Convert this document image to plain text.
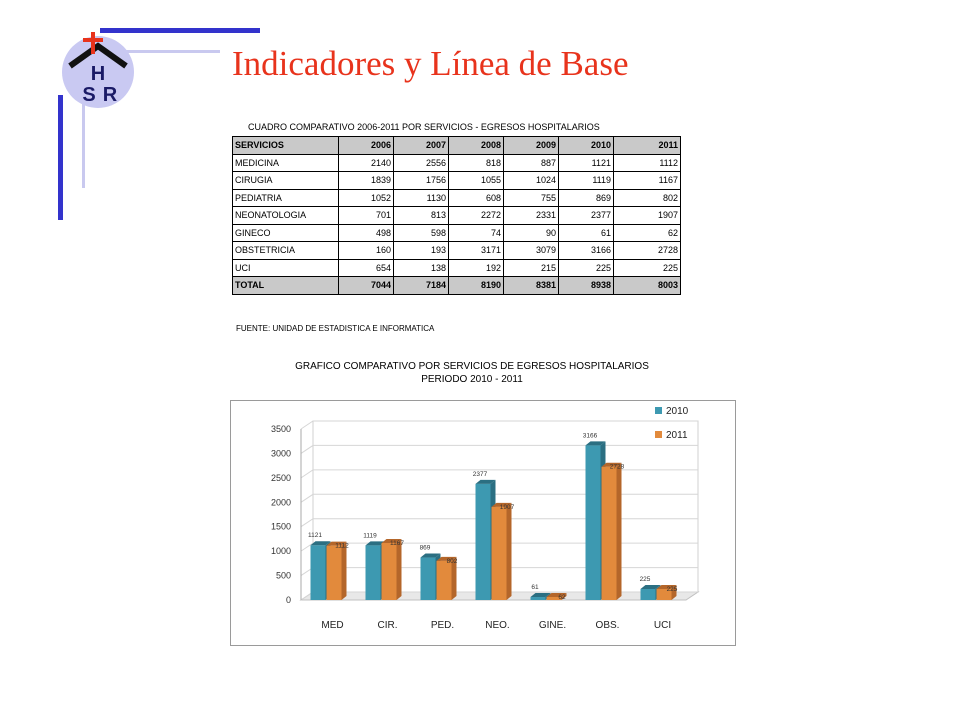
H
S R
Indicadores y Línea de Base
CUADRO COMPARATIVO 2006-2011 POR SERVICIOS - EGRESOS HOSPITALARIOS
SERVICIOS	2006	2007	2008	2009	2010	2011
MEDICINA	2140	2556	818	887	1121	1112
CIRUGIA	1839	1756	1055	1024	1119	1167
PEDIATRIA	1052	1130	608	755	869	802
NEONATOLOGIA	701	813	2272	2331	2377	1907
GINECO	498	598	74	90	61	62
OBSTETRICIA	160	193	3171	3079	3166	2728
UCI	654	138	192	215	225	225
TOTAL	7044	7184	8190	8381	8938	8003
FUENTE: UNIDAD DE ESTADISTICA E INFORMATICA
GRAFICO COMPARATIVO POR SERVICIOS DE EGRESOS HOSPITALARIOS
PERIODO 2010 - 2011
0
500
1000
1500
2000
2500
3000
3500
1121
1112
MED
1119
1167
CIR.
869
802
PED.
2377
1907
NEO.
61
62
GINE.
3166
2728
OBS.
225
225
UCI
2010
2011
